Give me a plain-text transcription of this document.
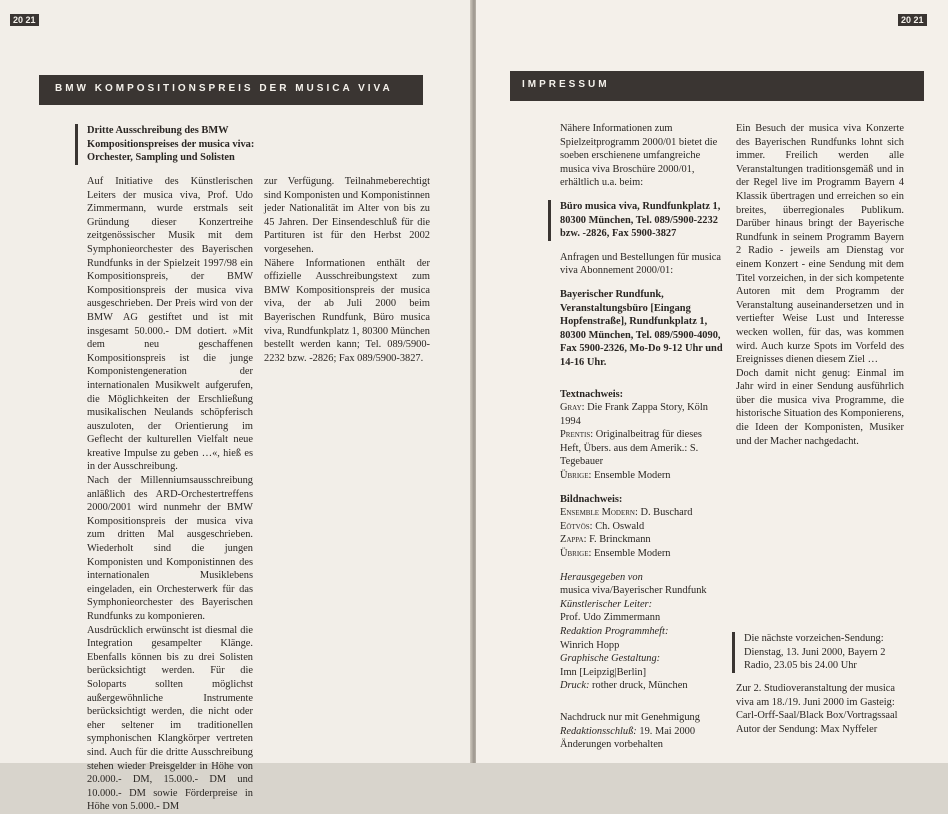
20 21
BMW KOMPOSITIONSPREIS DER MUSICA VIVA

Dritte Ausschreibung des BMW Kompositionspreises der musica viva: Orchester, Sampling und Solisten

Auf Initiative des Künstlerischen Leiters der musica viva, Prof. Udo Zimmermann, wurde erstmals seit Gründung dieser Konzertreihe zeitgenössischer Musik mit dem Symphonieorchester des Bayerischen Rundfunks in der Spielzeit 1997/98 ein Kompositionspreis, der BMW Kompositionspreis der musica viva ausgeschrieben. Der Preis wird von der BMW AG gestiftet und ist mit insgesamt 50.000.- DM dotiert. »Mit dem neu geschaffenen Kompositionspreis ist die junge Komponistengeneration der internationalen Musikwelt aufgerufen, die Möglichkeiten der Erschließung musikalischen Neulands schöpferisch auszuloten, der Orientierung im Geflecht der kulturellen Vielfalt neue kreative Impulse zu geben …«, hieß es in der Ausschreibung.

Nach der Millenniumsausschreibung anläßlich des ARD-Orchestertreffens 2000/2001 wird nunmehr der BMW Kompositionspreis der musica viva zum dritten Mal ausgeschrieben. Wiederholt sind die jungen Komponisten und Komponistinnen des internationalen Musiklebens eingeladen, ein Orchesterwerk für das Symphonieorchester des Bayerischen Rundfunks zu komponieren.

Ausdrücklich erwünscht ist diesmal die Integration gesampelter Klänge. Ebenfalls können bis zu drei Solisten berücksichtigt werden. Für die Soloparts sollten möglichst außergewöhnliche Instrumente berücksichtigt werden, die nicht oder eher seltener im traditionellen symphonischen Klangkörper vertreten sind. Auch für die dritte Ausschreibung stehen wieder Preisgelder in Höhe von 20.000.- DM, 15.000.- DM und 10.000.- DM sowie Förderpreise in Höhe von 5.000.- DM

zur Verfügung. Teilnahmeberechtigt sind Komponisten und Komponistinnen jeder Nationalität im Alter von bis zu 45 Jahren. Der Einsendeschluß für die Partituren ist für den Herbst 2002 vorgesehen.

Nähere Informationen enthält der offizielle Ausschreibungstext zum BMW Kompositionspreis der musica viva, der ab Juli 2000 beim Bayerischen Rundfunk, Büro musica viva, Rundfunkplatz 1, 80300 München bestellt werden kann; Tel. 089/5900-2232 bzw. -2826; Fax 089/5900-3827.

20 21
IMPRESSUM

Nähere Informationen zum Spielzeitprogramm 2000/01 bietet die soeben erschienene umfangreiche musica viva Broschüre 2000/01, erhältlich u.a. beim:

Büro musica viva, Rundfunkplatz 1, 80300 München, Tel. 089/5900-2232 bzw. -2826, Fax 5900-3827

Anfragen und Bestellungen für musica viva Abonnement 2000/01:

Bayerischer Rundfunk, Veranstaltungsbüro [Eingang Hopfenstraße], Rundfunkplatz 1, 80300 München, Tel. 089/5900-4090, Fax 5900-2326, Mo-Do 9-12 Uhr und 14-16 Uhr.

Textnachweis:

Gray: Die Frank Zappa Story, Köln 1994

Prentis: Originalbeitrag für dieses Heft, Übers. aus dem Amerik.: S. Tegebauer

Übrige: Ensemble Modern

Bildnachweis:

Ensemble Modern: D. Buschard

Eötvös: Ch. Oswald

Zappa: F. Brinckmann

Übrige: Ensemble Modern

Herausgegeben von

musica viva/Bayerischer Rundfunk

Künstlerischer Leiter:

Prof. Udo Zimmermann

Redaktion Programmheft:

Winrich Hopp

Graphische Gestaltung:

Imn [Leipzig|Berlin]

Druck: rother druck, München

Nachdruck nur mit Genehmigung

Redaktionsschluß: 19. Mai 2000

Änderungen vorbehalten

Ein Besuch der musica viva Konzerte des Bayerischen Rundfunks lohnt sich immer. Freilich werden alle Veranstaltungen traditionsgemäß und in der Regel live im Programm Bayern 4 Klassik übertragen und erreichen so ein breites, überregionales Publikum. Darüber hinaus bringt der Bayerische Rundfunk in seinem Programm Bayern 2 Radio - jeweils am Dienstag vor einem Konzert - eine Sendung mit dem Titel vorzeichen, in der sich kompetente Autoren mit dem Programm der Veranstaltung auseinandersetzen und in vertiefter Weise Lust und Interesse wecken wollen, für das, was kommen wird. Auch kurze Spots im Vorfeld des Ereignisses dienen diesem Ziel …

Doch damit nicht genug: Einmal im Jahr wird in einer Sendung ausführlich über die musica viva Programme, die historische Situation des Komponierens, die Ideen der Komponisten, Musiker und der Macher nachgedacht.

Die nächste vorzeichen-Sendung: Dienstag, 13. Juni 2000, Bayern 2 Radio, 23.05 bis 24.00 Uhr

Zur 2. Studioveranstaltung der musica viva am 18./19. Juni 2000 im Gasteig: Carl-Orff-Saal/Black Box/Vortragssaal Autor der Sendung: Max Nyffeler
